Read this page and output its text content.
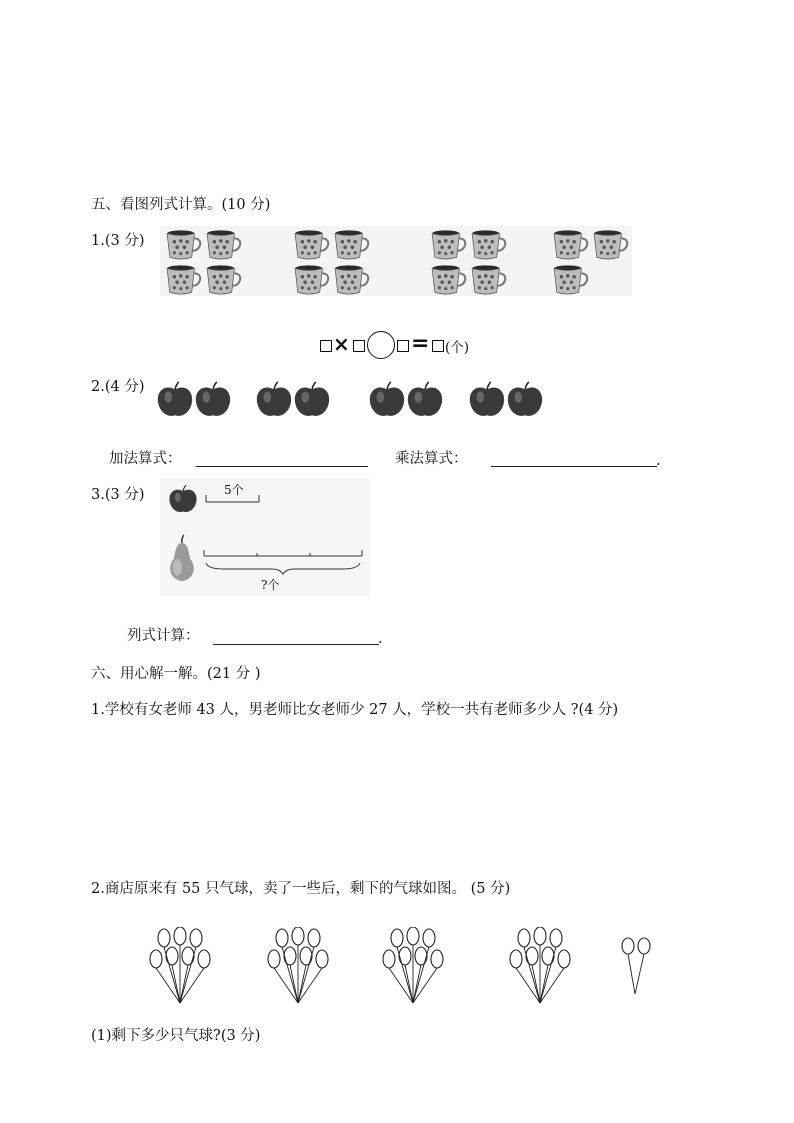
五、看图列式计算。(10 分)
1.(3 分)
×	= (个)
2.(4 分)
加法算式：	乘法算式：	.
3.(3 分)	5个
?个
列式计算：	.
六、用心解一解。(21 分 )
1.学校有女老师 43 人，男老师比女老师少 27 人，学校一共有老师多少人 ?(4 分)
2.商店原来有 55 只气球，卖了一些后，剩下的气球如图。 (5 分)
(1)剩下多少只气球?(3 分)
